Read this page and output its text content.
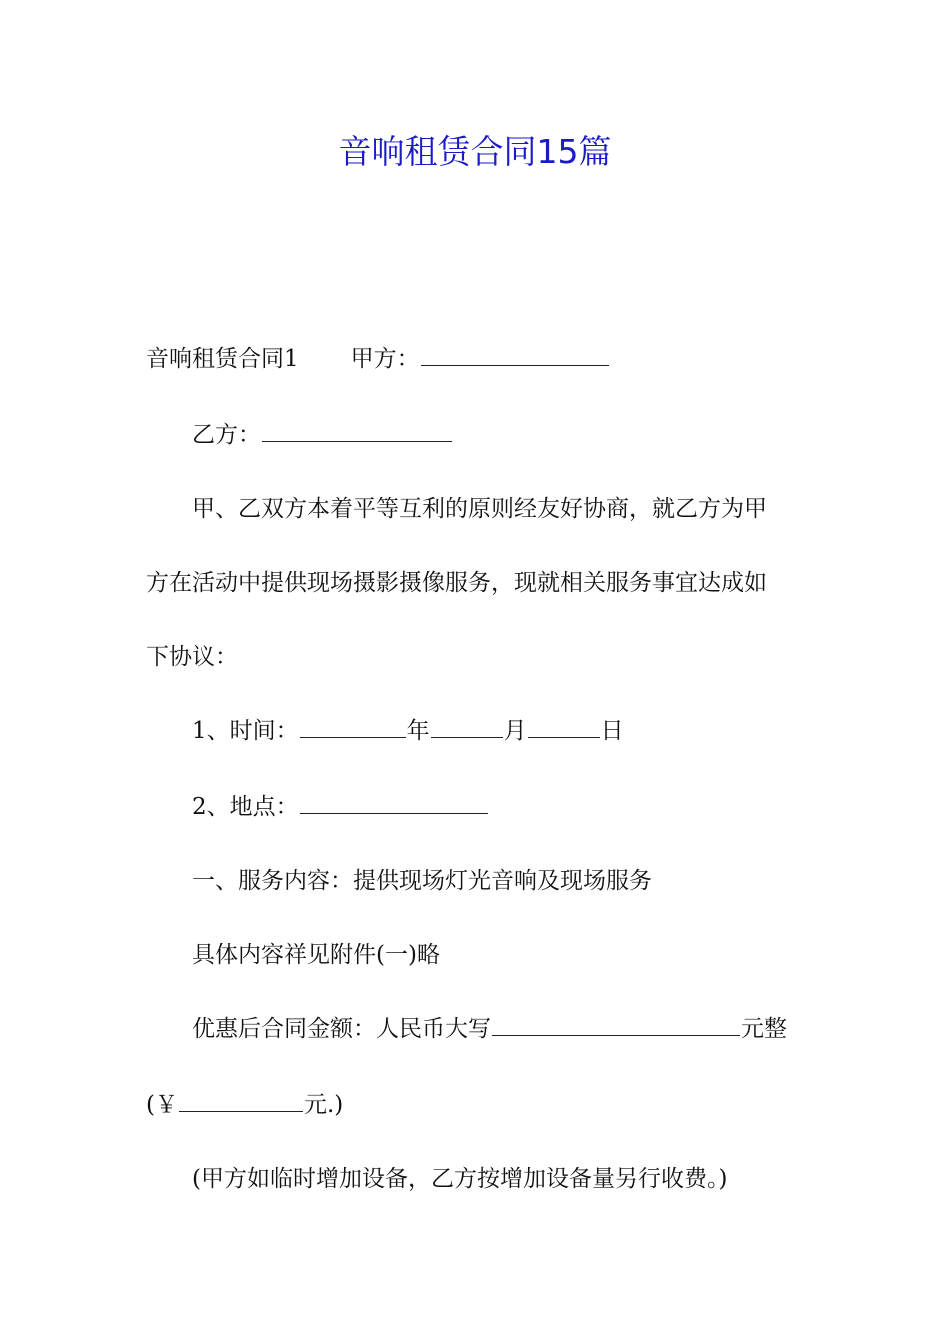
音响租赁合同15篇
音响租赁合同1 甲方：
乙方：
甲、乙双方本着平等互利的原则经友好协商，就乙方为甲
方在活动中提供现场摄影摄像服务，现就相关服务事宜达成如
下协议：
1、时间：	年	月	日
2、地点：
一、服务内容：提供现场灯光音响及现场服务
具体内容祥见附件(一)略
优惠后合同金额：人民币大写	元整
(￥	元.)
(甲方如临时增加设备，乙方按增加设备量另行收费。)
